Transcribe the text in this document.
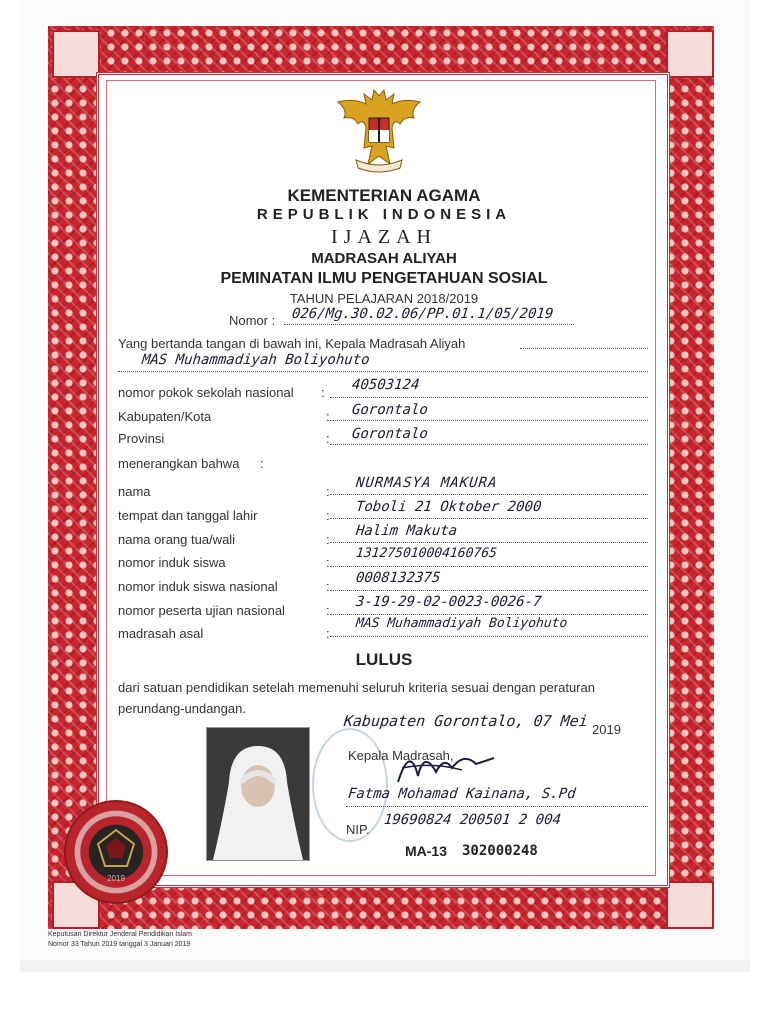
KEMENTERIAN AGAMA
REPUBLIK INDONESIA
IJAZAH
MADRASAH ALIYAH
PEMINATAN ILMU PENGETAHUAN SOSIAL
TAHUN PELAJARAN 2018/2019
Nomor : 026/Mg.30.02.06/PP.01.1/05/2019
Yang bertanda tangan di bawah ini, Kepala Madrasah Aliyah
MAS Muhammadiyah Boliyohuto
nomor pokok sekolah nasional : 40503124
Kabupaten/Kota	: Gorontalo
Provinsi	: Gorontalo
menerangkan bahwa :
nama	:
NURMASYA MAKURA
tempat dan tanggal lahir	:
Toboli 21 Oktober 2000
nama orang tua/wali	:
Halim Makuta
nomor induk siswa	:
131275010004160765
nomor induk siswa nasional	:
0008132375
nomor peserta ujian nasional	:
3-19-29-02-0023-0026-7
madrasah asal	:
MAS Muhammadiyah Boliyohuto
LULUS
dari satuan pendidikan setelah memenuhi seluruh kriteria sesuai dengan peraturan
perundang-undangan.
Kabupaten Gorontalo, 07 Mei 2019
Kepala Madrasah,
Fatma Mohamad Kainana, S.Pd
NIP.
19690824 200501 2 004
MA-13 302000248
2019
Keputusan Direktur Jenderal Pendidikan Islam
Nomor 33 Tahun 2019 tanggal 3 Januari 2019
